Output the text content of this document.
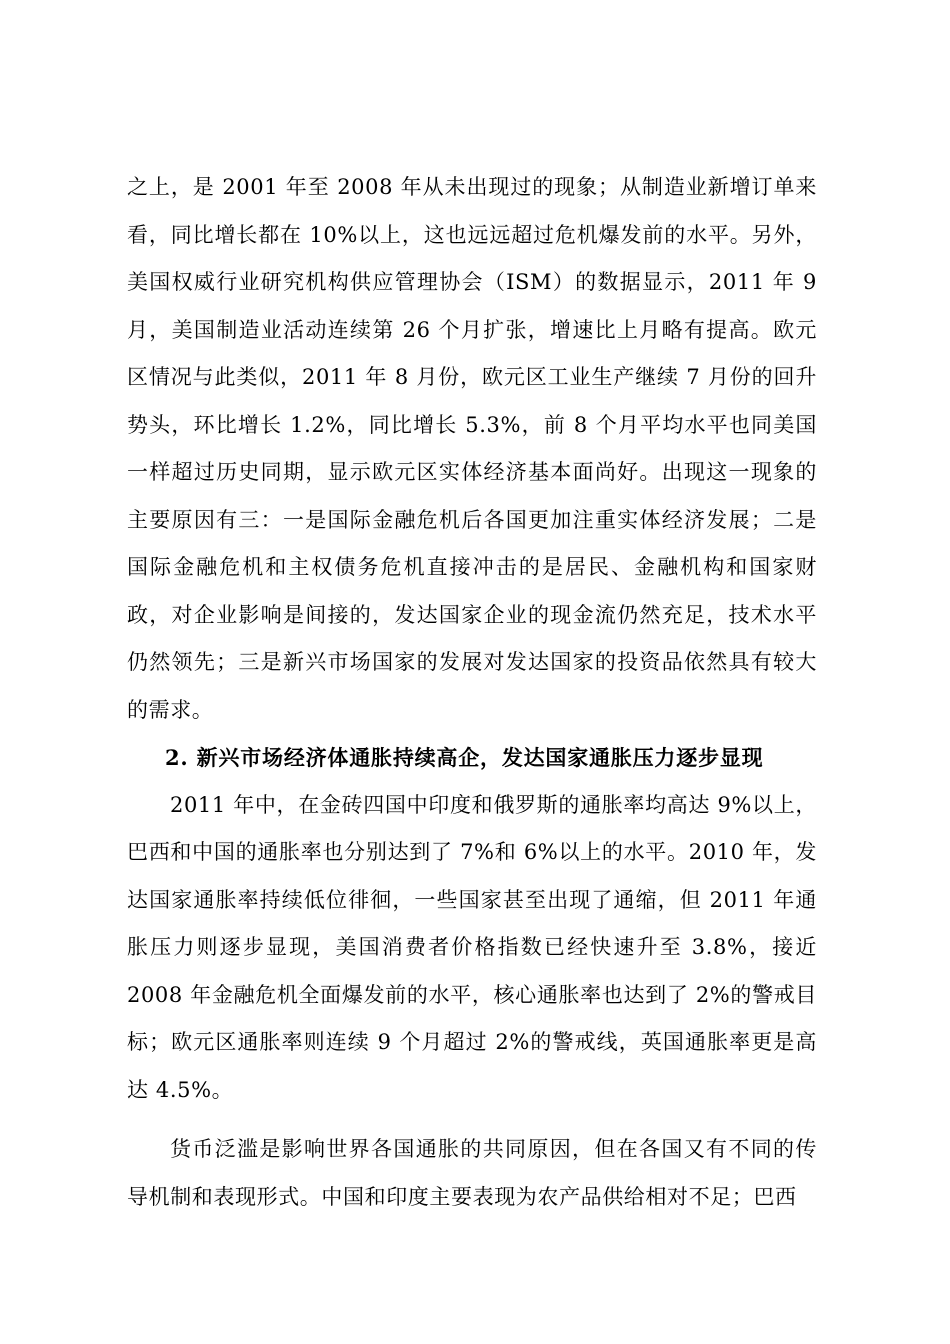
之上，是 2001 年至 2008 年从未出现过的现象；从制造业新增订单来看，同比增长都在 10%以上，这也远远超过危机爆发前的水平。另外，美国权威行业研究机构供应管理协会（ISM）的数据显示，2011 年 9 月，美国制造业活动连续第 26 个月扩张，增速比上月略有提高。欧元区情况与此类似，2011 年 8 月份，欧元区工业生产继续 7 月份的回升势头，环比增长 1.2%，同比增长 5.3%，前 8 个月平均水平也同美国一样超过历史同期，显示欧元区实体经济基本面尚好。出现这一现象的主要原因有三：一是国际金融危机后各国更加注重实体经济发展；二是国际金融危机和主权债务危机直接冲击的是居民、金融机构和国家财政，对企业影响是间接的，发达国家企业的现金流仍然充足，技术水平仍然领先；三是新兴市场国家的发展对发达国家的投资品依然具有较大的需求。

2. 新兴市场经济体通胀持续高企，发达国家通胀压力逐步显现

2011 年中，在金砖四国中印度和俄罗斯的通胀率均高达 9%以上，巴西和中国的通胀率也分别达到了 7%和 6%以上的水平。2010 年，发达国家通胀率持续低位徘徊，一些国家甚至出现了通缩，但 2011 年通胀压力则逐步显现，美国消费者价格指数已经快速升至 3.8%，接近 2008 年金融危机全面爆发前的水平，核心通胀率也达到了 2%的警戒目标；欧元区通胀率则连续 9 个月超过 2%的警戒线，英国通胀率更是高达 4.5%。

货币泛滥是影响世界各国通胀的共同原因，但在各国又有不同的传导机制和表现形式。中国和印度主要表现为农产品供给相对不足；巴西
